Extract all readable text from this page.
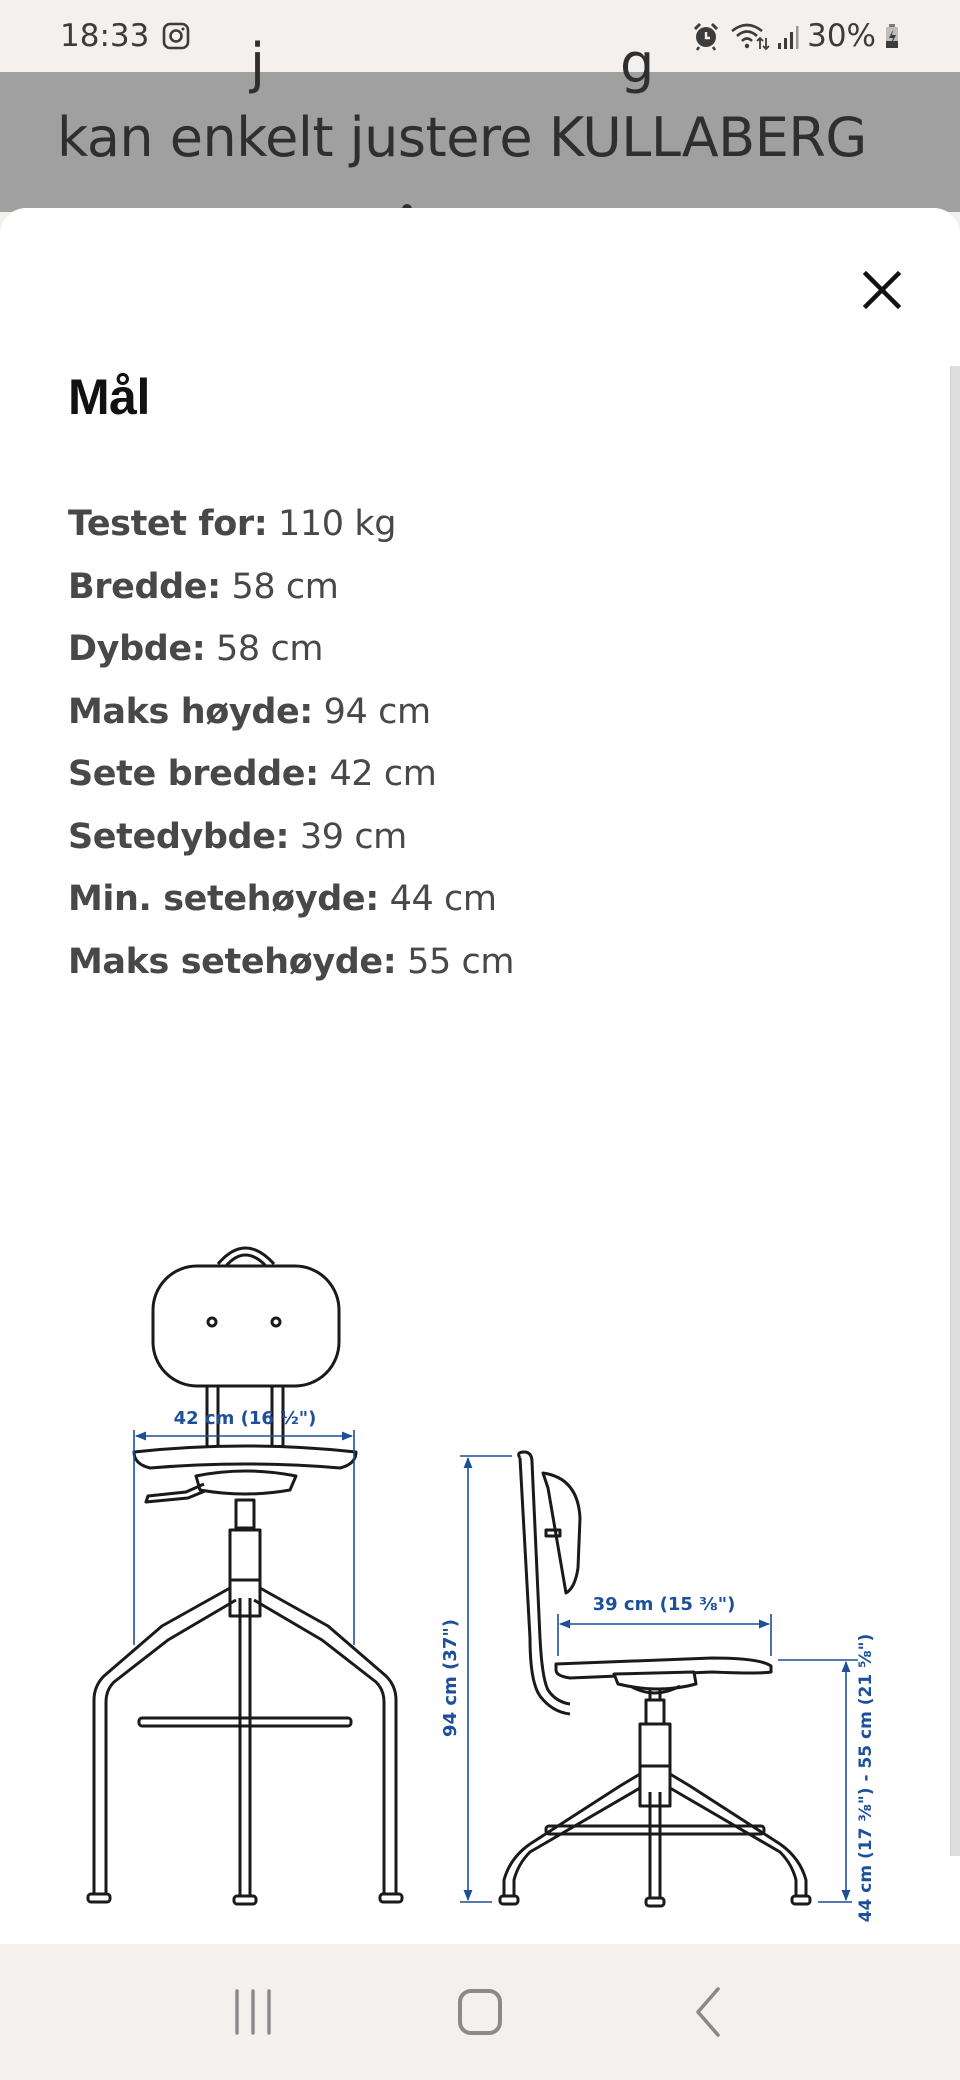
18:33	30%
j	g
kan enkelt justere KULLABERG
Mål
Testet for: 110 kg
Bredde: 58 cm
Dybde: 58 cm
Maks høyde: 94 cm
Sete bredde: 42 cm
Setedybde: 39 cm
Min. setehøyde: 44 cm
Maks setehøyde: 55 cm
42 cm (16 ½")
94 cm (37")
39 cm (15 ⅜")
44 cm (17 ⅜") - 55 cm (21 ⅝")
